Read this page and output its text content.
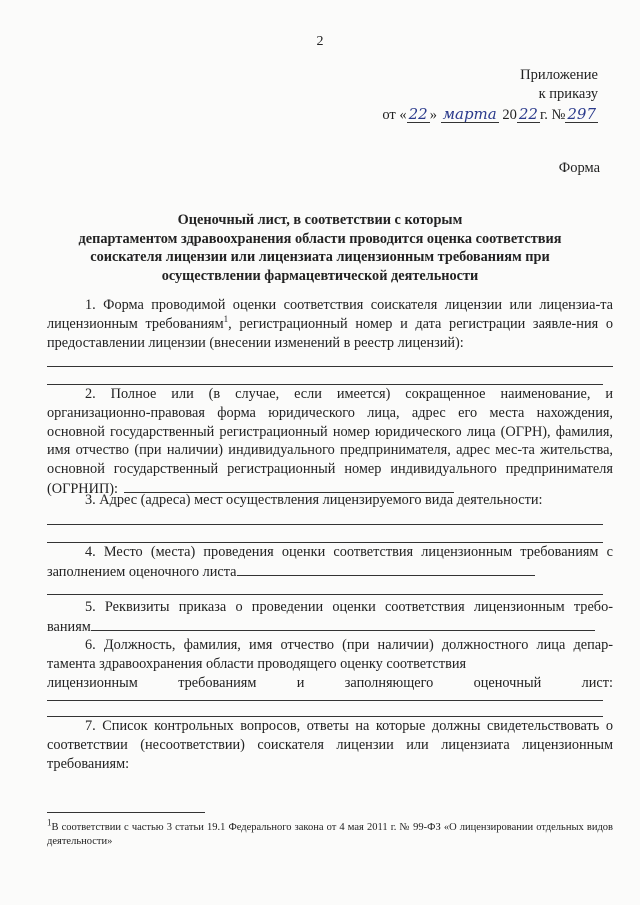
2
Приложение
к приказу
от « 22 » марта 20 22 г. № 297
Форма
Оценочный лист, в соответствии с которым
департаментом здравоохранения области проводится оценка соответствия
соискателя лицензии или лицензиата лицензионным требованиям при
осуществлении фармацевтической деятельности
1. Форма проводимой оценки соответствия соискателя лицензии или лицензиа-та лицензионным требованиям$^1$, регистрационный номер и дата регистрации заявле-ния о предоставлении лицензии (внесении изменений в реестр лицензий):
2. Полное или (в случае, если имеется) сокращенное наименование, и организационно-правовая форма юридического лица, адрес его места нахождения, основной государственный регистрационный номер юридического лица (ОГРН), фамилия, имя отчество (при наличии) индивидуального предпринимателя, адрес мес-та жительства, основной государственный регистрационный номер индивидуального предпринимателя (ОГРНИП):
3. Адрес (адреса) мест осуществления лицензируемого вида деятельности:
4. Место (места) проведения оценки соответствия лицензионным требованиям с заполнением оценочного листа
5. Реквизиты приказа о проведении оценки соответствия лицензионным требо-
ваниям
6. Должность, фамилия, имя отчество (при наличии) должностного лица депар-тамента здравоохранения области проводящего оценку соответствия
лицензионным требованиям и заполняющего оценочный лист:
7. Список контрольных вопросов, ответы на которые должны свидетельствовать о соответствии (несоответствии) соискателя лицензии или лицензиата лицензионным требованиям:
$^1$В соответствии с частью 3 статьи 19.1 Федерального закона от 4 мая 2011 г. № 99-ФЗ «О лицензировании отдельных видов деятельности»
